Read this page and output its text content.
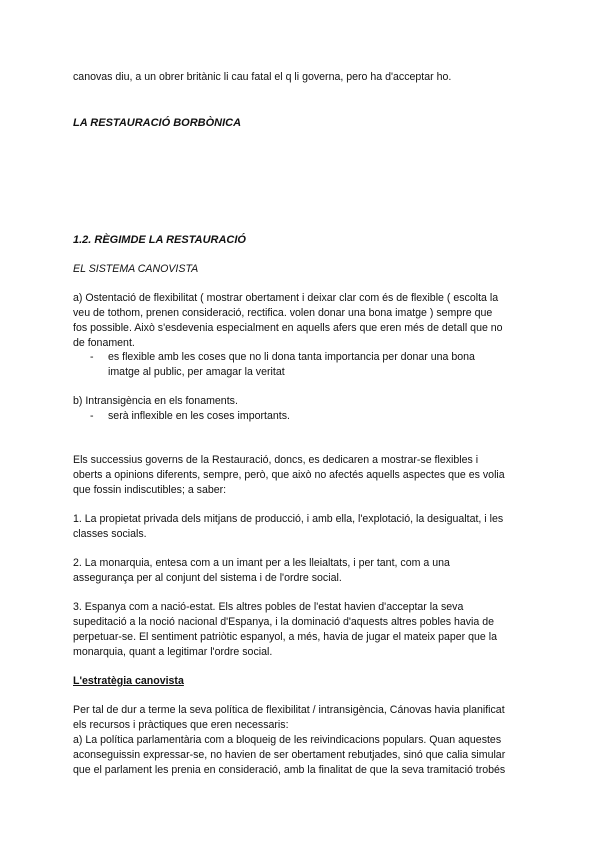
canovas diu, a un obrer britànic li cau fatal el q li governa, pero ha d'acceptar ho.
LA RESTAURACIÓ BORBÒNICA
1.2. RÈGIMDE LA RESTAURACIÓ
EL SISTEMA CANOVISTA
a) Ostentació de flexibilitat ( mostrar obertament i deixar clar com és de flexible ( escolta la
veu de tothom, prenen consideració, rectifica. volen donar una bona imatge ) sempre que
fos possible. Això s'esdevenia especialment en aquells afers que eren més de detall que no
de fonament.
- es flexible amb les coses que no li dona tanta importancia per donar una bona
imatge al public, per amagar la veritat
b) Intransigència en els fonaments.
- serà inflexible en les coses importants.
Els successius governs de la Restauració, doncs, es dedicaren a mostrar-se flexibles i
oberts a opinions diferents, sempre, però, que això no afectés aquells aspectes que es volia
que fossin indiscutibles; a saber:
1. La propietat privada dels mitjans de producció, i amb ella, l'explotació, la desigualtat, i les
classes socials.
2. La monarquia, entesa com a un imant per a les lleialtats, i per tant, com a una
assegurança per al conjunt del sistema i de l'ordre social.
3. Espanya com a nació-estat. Els altres pobles de l'estat havien d'acceptar la seva
supeditació a la noció nacional d'Espanya, i la dominació d'aquests altres pobles havia de
perpetuar-se. El sentiment patriòtic espanyol, a més, havia de jugar el mateix paper que la
monarquia, quant a legitimar l'ordre social.
L'estratègia canovista
Per tal de dur a terme la seva política de flexibilitat / intransigència, Cánovas havia planificat
els recursos i pràctiques que eren necessaris:
a) La política parlamentària com a bloqueig de les reivindicacions populars. Quan aquestes
aconseguissin expressar-se, no havien de ser obertament rebutjades, sinó que calia simular
que el parlament les prenia en consideració, amb la finalitat de que la seva tramitació trobés
